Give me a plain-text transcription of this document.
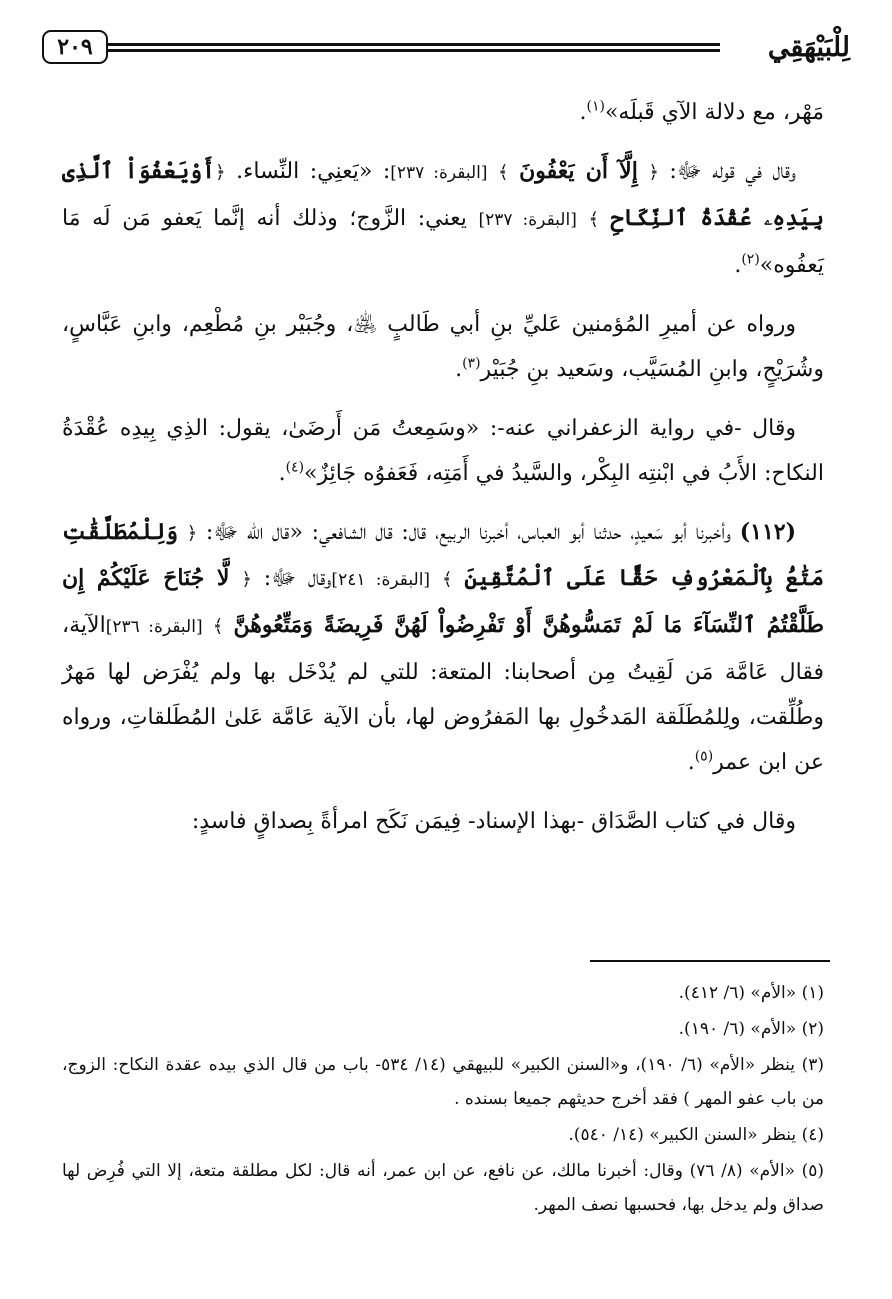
لِلْبَيْهَقِي
٢٠٩

مَهْر، مع دلالة الآي قَبلَه»$^{(١)}$.

وقال في قوله ﷻ: ﴿ إِلَّآ أَن يَعْفُونَ ﴾ [البقرة: ٢٣٧]: «يَعنِي: النِّساء. ﴿أَوْيَعْفُوَاْ ٱلَّذِى بِيَدِهِۦ عُقْدَةُ ٱلنِّكَاحِ ﴾ [البقرة: ٢٣٧] يعني: الزَّوج؛ وذلك أنه إنَّما يَعفو مَن لَه مَا يَعفُوه»$^{(٢)}$.

ورواه عن أميرِ المُؤمنين عَليِّ بنِ أبي طَالبٍ ﵁، وجُبَيْر بنِ مُطْعِم، وابنِ عَبَّاسٍ، وشُرَيْحٍ، وابنِ المُسَيَّب، وسَعيد بنِ جُبَيْر$^{(٣)}$.

وقال -في رواية الزعفراني عنه-: «وسَمِعتُ مَن أَرضَىٰ، يقول: الذِي بِيدِه عُقْدَةُ النكاح: الأَبُ في ابْنتِه البِكْر، والسَّيدُ في أَمَتِه، فَعَفوُه جَائِزٌ»$^{(٤)}$.

(١١٢) وأخبرنا أبو سَعيدٍ، حدثنا أبو العباس، أخبرنا الربيع، قال: قال الشافعي: «قال الله ﷻ: ﴿ وَلِلْمُطَلَّقَٰتِ مَتَٰعُۢ بِٱلْمَعْرُوفِ حَقًّا عَلَى ٱلْمُتَّقِينَ ﴾ [البقرة: ٢٤١]وقال ﷻ: ﴿ لَّا جُنَاحَ عَلَيْكُمْ إِن طَلَّقْتُمُ ٱلنِّسَآءَ مَا لَمْ تَمَسُّوهُنَّ أَوْ تَفْرِضُواْ لَهُنَّ فَرِيضَةً وَمَتِّعُوهُنَّ ﴾ [البقرة: ٢٣٦]الآية، فقال عَامَّة مَن لَقِيتُ مِن أصحابنا: المتعة: للتي لم يُدْخَل بها ولم يُفْرَض لها مَهرٌ وطُلِّقت، ولِلمُطَلَقة المَدخُولِ بها المَفرُوض لها، بأن الآية عَامَّة عَلىٰ المُطَلقاتِ، ورواه عن ابن عمر$^{(٥)}$.

وقال في كتاب الصَّدَاق -بهذا الإسناد- فِيمَن نَكَح امرأةً بِصداقٍ فاسدٍ:

(١) «الأم» (٦/ ٤١٢).

(٢) «الأم» (٦/ ١٩٠).

(٣) ينظر «الأم» (٦/ ١٩٠)، و«السنن الكبير» للبيهقي (١٤/ ٥٣٤- باب من قال الذي بيده عقدة النكاح: الزوج، من باب عفو المهر ) فقد أخرج حديثهم جميعا بسنده .

(٤) ينظر «السنن الكبير» (١٤/ ٥٤٠).

(٥) «الأم» (٨/ ٧٦) وقال: أخبرنا مالك، عن نافع، عن ابن عمر، أنه قال: لكل مطلقة متعة، إلا التي فُرِض لها صداق ولم يدخل بها، فحسبها نصف المهر.
